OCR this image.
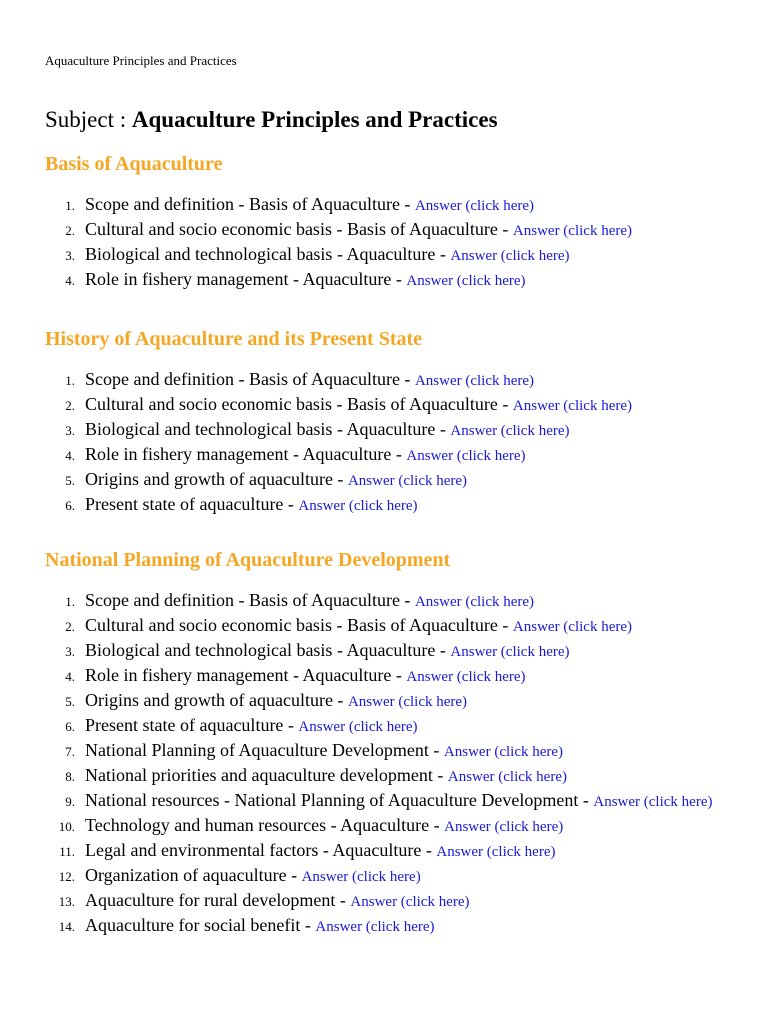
Aquaculture Principles and Practices
Subject : Aquaculture Principles and Practices
Basis of Aquaculture
1. Scope and definition - Basis of Aquaculture - Answer (click here)
2. Cultural and socio economic basis - Basis of Aquaculture - Answer (click here)
3. Biological and technological basis - Aquaculture - Answer (click here)
4. Role in fishery management - Aquaculture - Answer (click here)
History of Aquaculture and its Present State
1. Scope and definition - Basis of Aquaculture - Answer (click here)
2. Cultural and socio economic basis - Basis of Aquaculture - Answer (click here)
3. Biological and technological basis - Aquaculture - Answer (click here)
4. Role in fishery management - Aquaculture - Answer (click here)
5. Origins and growth of aquaculture - Answer (click here)
6. Present state of aquaculture - Answer (click here)
National Planning of Aquaculture Development
1. Scope and definition - Basis of Aquaculture - Answer (click here)
2. Cultural and socio economic basis - Basis of Aquaculture - Answer (click here)
3. Biological and technological basis - Aquaculture - Answer (click here)
4. Role in fishery management - Aquaculture - Answer (click here)
5. Origins and growth of aquaculture - Answer (click here)
6. Present state of aquaculture - Answer (click here)
7. National Planning of Aquaculture Development - Answer (click here)
8. National priorities and aquaculture development - Answer (click here)
9. National resources - National Planning of Aquaculture Development - Answer (click here)
10. Technology and human resources - Aquaculture - Answer (click here)
11. Legal and environmental factors - Aquaculture - Answer (click here)
12. Organization of aquaculture - Answer (click here)
13. Aquaculture for rural development - Answer (click here)
14. Aquaculture for social benefit - Answer (click here)
